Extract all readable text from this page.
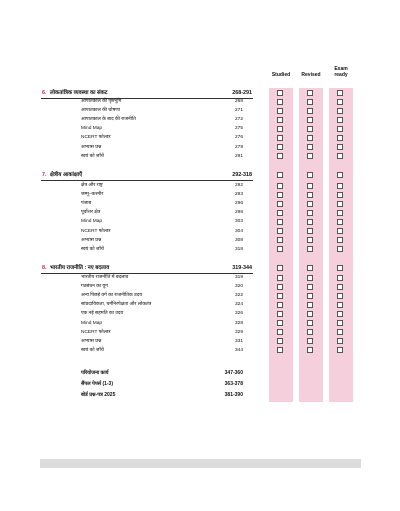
Studied	Revised
Exam
ready
6. लोकतांत्रिक व्यवस्था का संकट	268-291
आपातकाल की पृष्ठभूमि	268
आपातकाल की घोषणा	271
आपातकाल के बाद की राजनीति	272
Mind Map	275
NCERT फोल्डर	276
अभ्यास प्रश्न	279
स्वयं को जाँचें	291
7. क्षेत्रीय आकांक्षाएँ	292-318
क्षेत्र और राष्ट्र	292
जम्मू–कश्मीर	293
पंजाब	296
पूर्वोत्तर क्षेत्र	298
Mind Map	303
NCERT फोल्डर	304
अभ्यास प्रश्न	308
स्वयं को जाँचें	318
8. भारतीय राजनीति : नए बदलाव	319-344
भारतीय राजनीति में बदलाव	319
गठबंधन का युग	320
अन्य पिछड़े वर्ग का राजनीतिक उदय	322
सांप्रदायिकता, धर्मनिरपेक्षता और लोकतंत्र	324
एक नई सहमति का उदय	326
Mind Map	328
NCERT फोल्डर	329
अभ्यास प्रश्न	331
स्वयं को जाँचें	344
परियोजना कार्य	347-360
सैंपल पेपर्स (1-3)	363-378
बोर्ड प्रश्न-पत्र 2025	381-390
